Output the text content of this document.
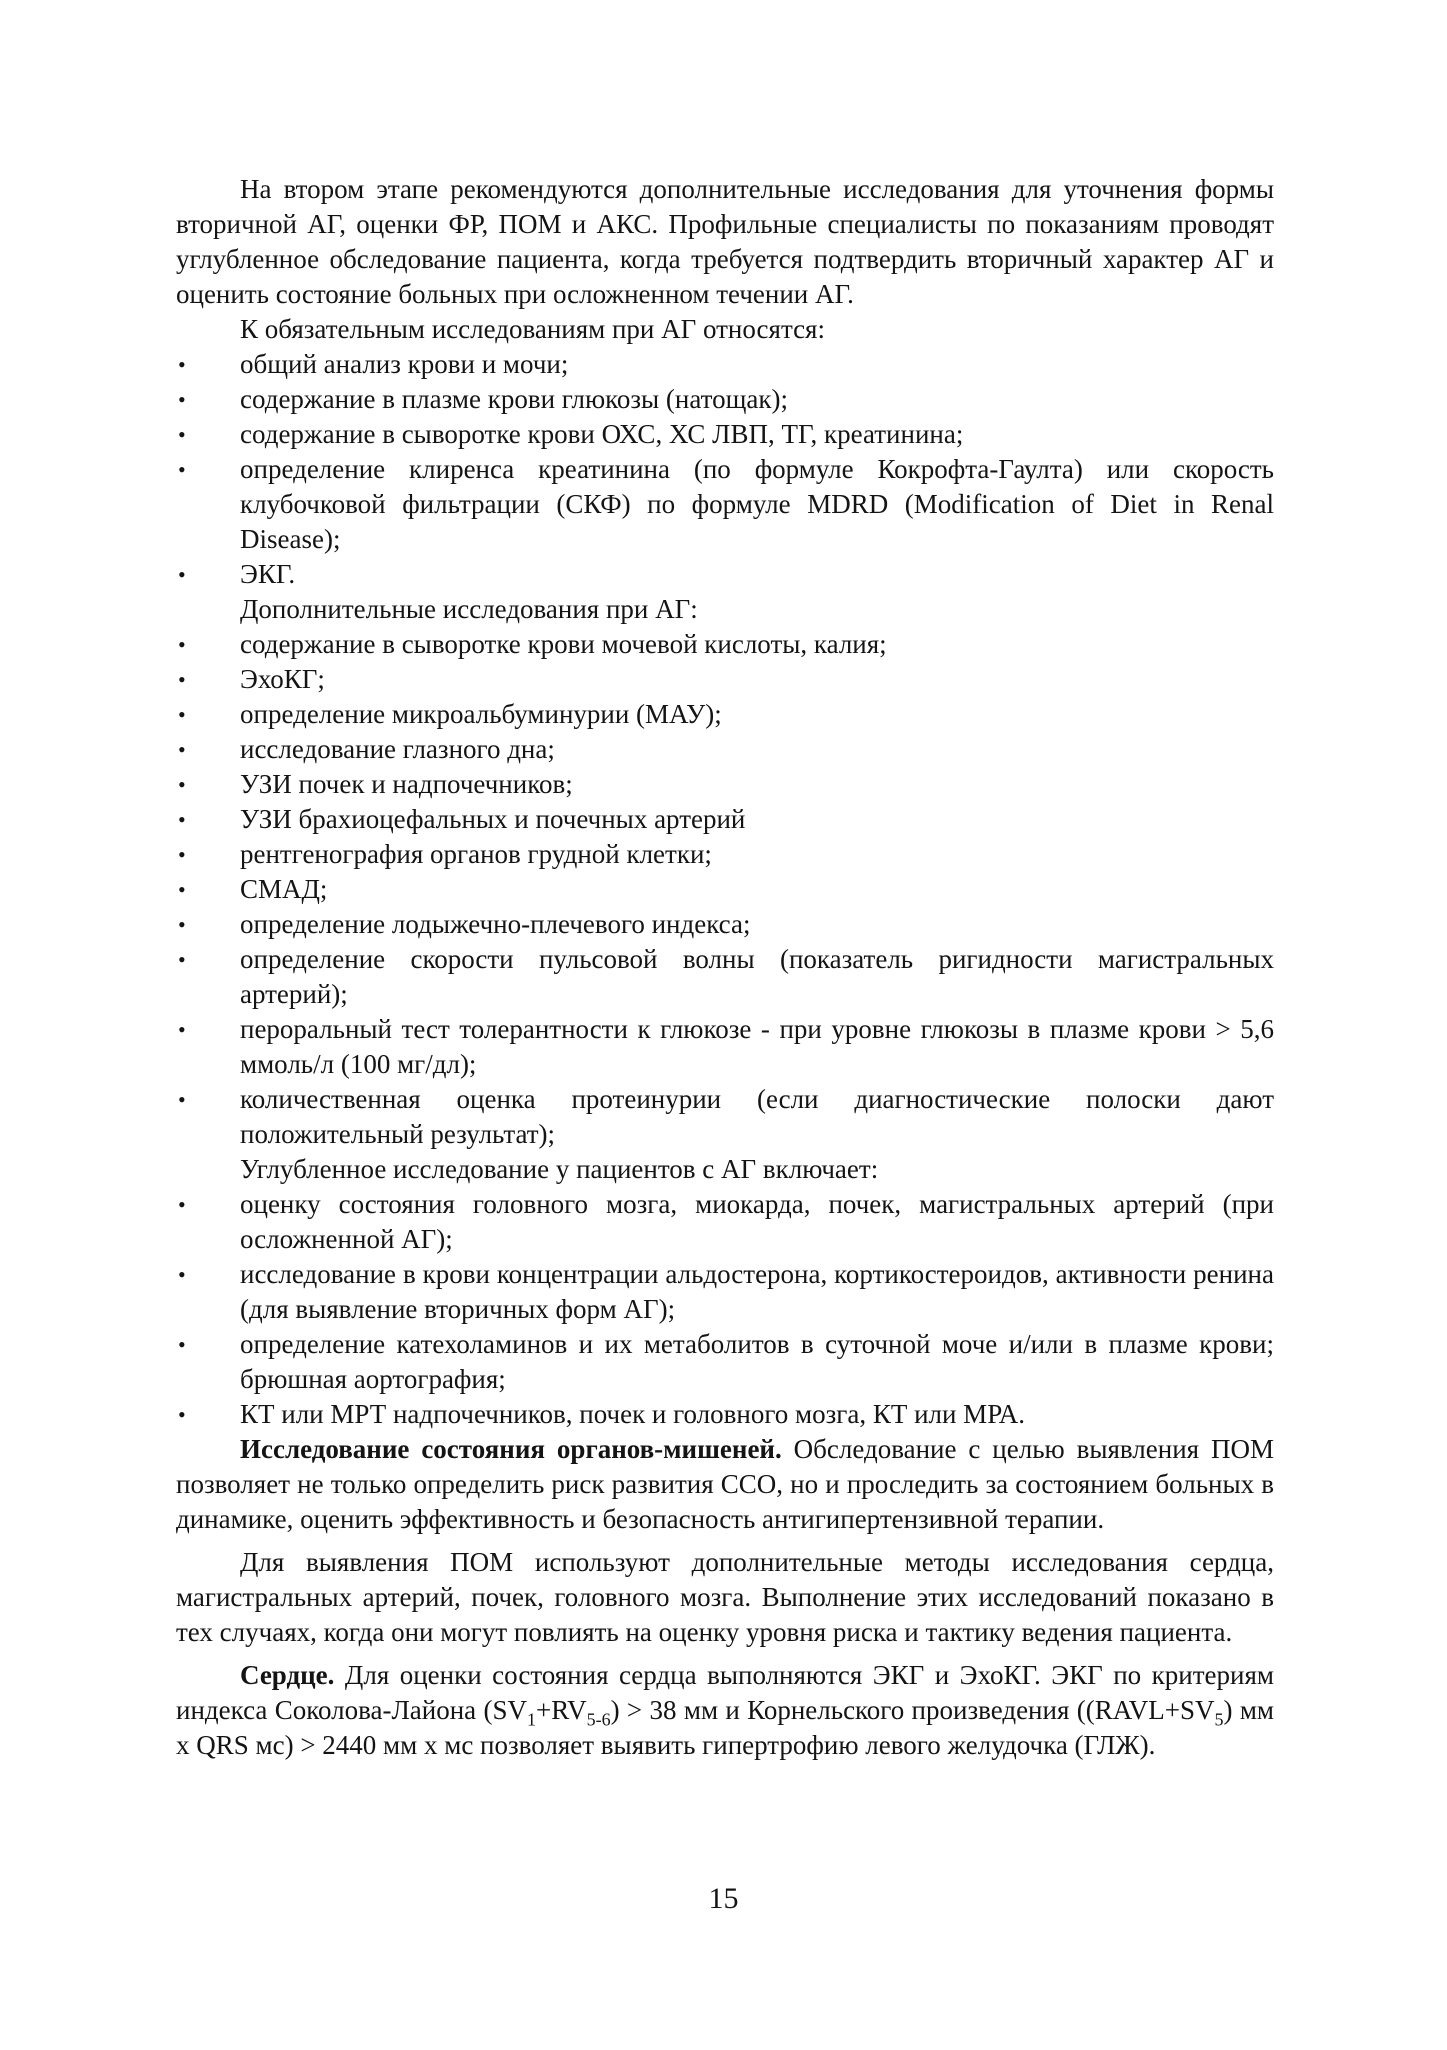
На втором этапе рекомендуются дополнительные исследования для уточнения формы вторичной АГ, оценки ФР, ПОМ и АКС. Профильные специалисты по показаниям проводят углубленное обследование пациента, когда требуется подтвердить вторичный характер АГ и оценить состояние больных при осложненном течении АГ.

К обязательным исследованиям при АГ относятся:
• общий анализ крови и мочи;
• содержание в плазме крови глюкозы (натощак);
• содержание в сыворотке крови ОХС, ХС ЛВП, ТГ, креатинина;
• определение клиренса креатинина (по формуле Кокрофта-Гаулта) или скорость клубочковой фильтрации (СКФ) по формуле MDRD (Modification of Diet in Renal Disease);
• ЭКГ.
Дополнительные исследования при АГ:
• содержание в сыворотке крови мочевой кислоты, калия;
• ЭхоКГ;
• определение микроальбуминурии (МАУ);
• исследование глазного дна;
• УЗИ почек и надпочечников;
• УЗИ брахиоцефальных и почечных артерий
• рентгенография органов грудной клетки;
• СМАД;
• определение лодыжечно-плечевого индекса;
• определение скорости пульсовой волны (показатель ригидности магистральных артерий);
• пероральный тест толерантности к глюкозе - при уровне глюкозы в плазме крови > 5,6 ммоль/л (100 мг/дл);
• количественная оценка протеинурии (если диагностические полоски дают положительный результат);
Углубленное исследование у пациентов с АГ включает:
• оценку состояния головного мозга, миокарда, почек, магистральных артерий (при осложненной АГ);
• исследование в крови концентрации альдостерона, кортикостероидов, активности ренина (для выявление вторичных форм АГ);
• определение катехоламинов и их метаболитов в суточной моче и/или в плазме крови; брюшная аортография;
• КТ или МРТ надпочечников, почек и головного мозга, КТ или МРА.

Исследование состояния органов-мишеней. Обследование с целью выявления ПОМ позволяет не только определить риск развития ССО, но и проследить за состоянием больных в динамике, оценить эффективность и безопасность антигипертензивной терапии.

Для выявления ПОМ используют дополнительные методы исследования сердца, магистральных артерий, почек, головного мозга. Выполнение этих исследований показано в тех случаях, когда они могут повлиять на оценку уровня риска и тактику ведения пациента.

Сердце. Для оценки состояния сердца выполняются ЭКГ и ЭхоКГ. ЭКГ по критериям индекса Соколова-Лайона $(SV_1+RV_{5-6}) > 38$ мм и Корнельского произведения ($(RAVL+SV_5)$ мм х QRS мс) > 2440 мм х мс позволяет выявить гипертрофию левого желудочка (ГЛЖ).

15
